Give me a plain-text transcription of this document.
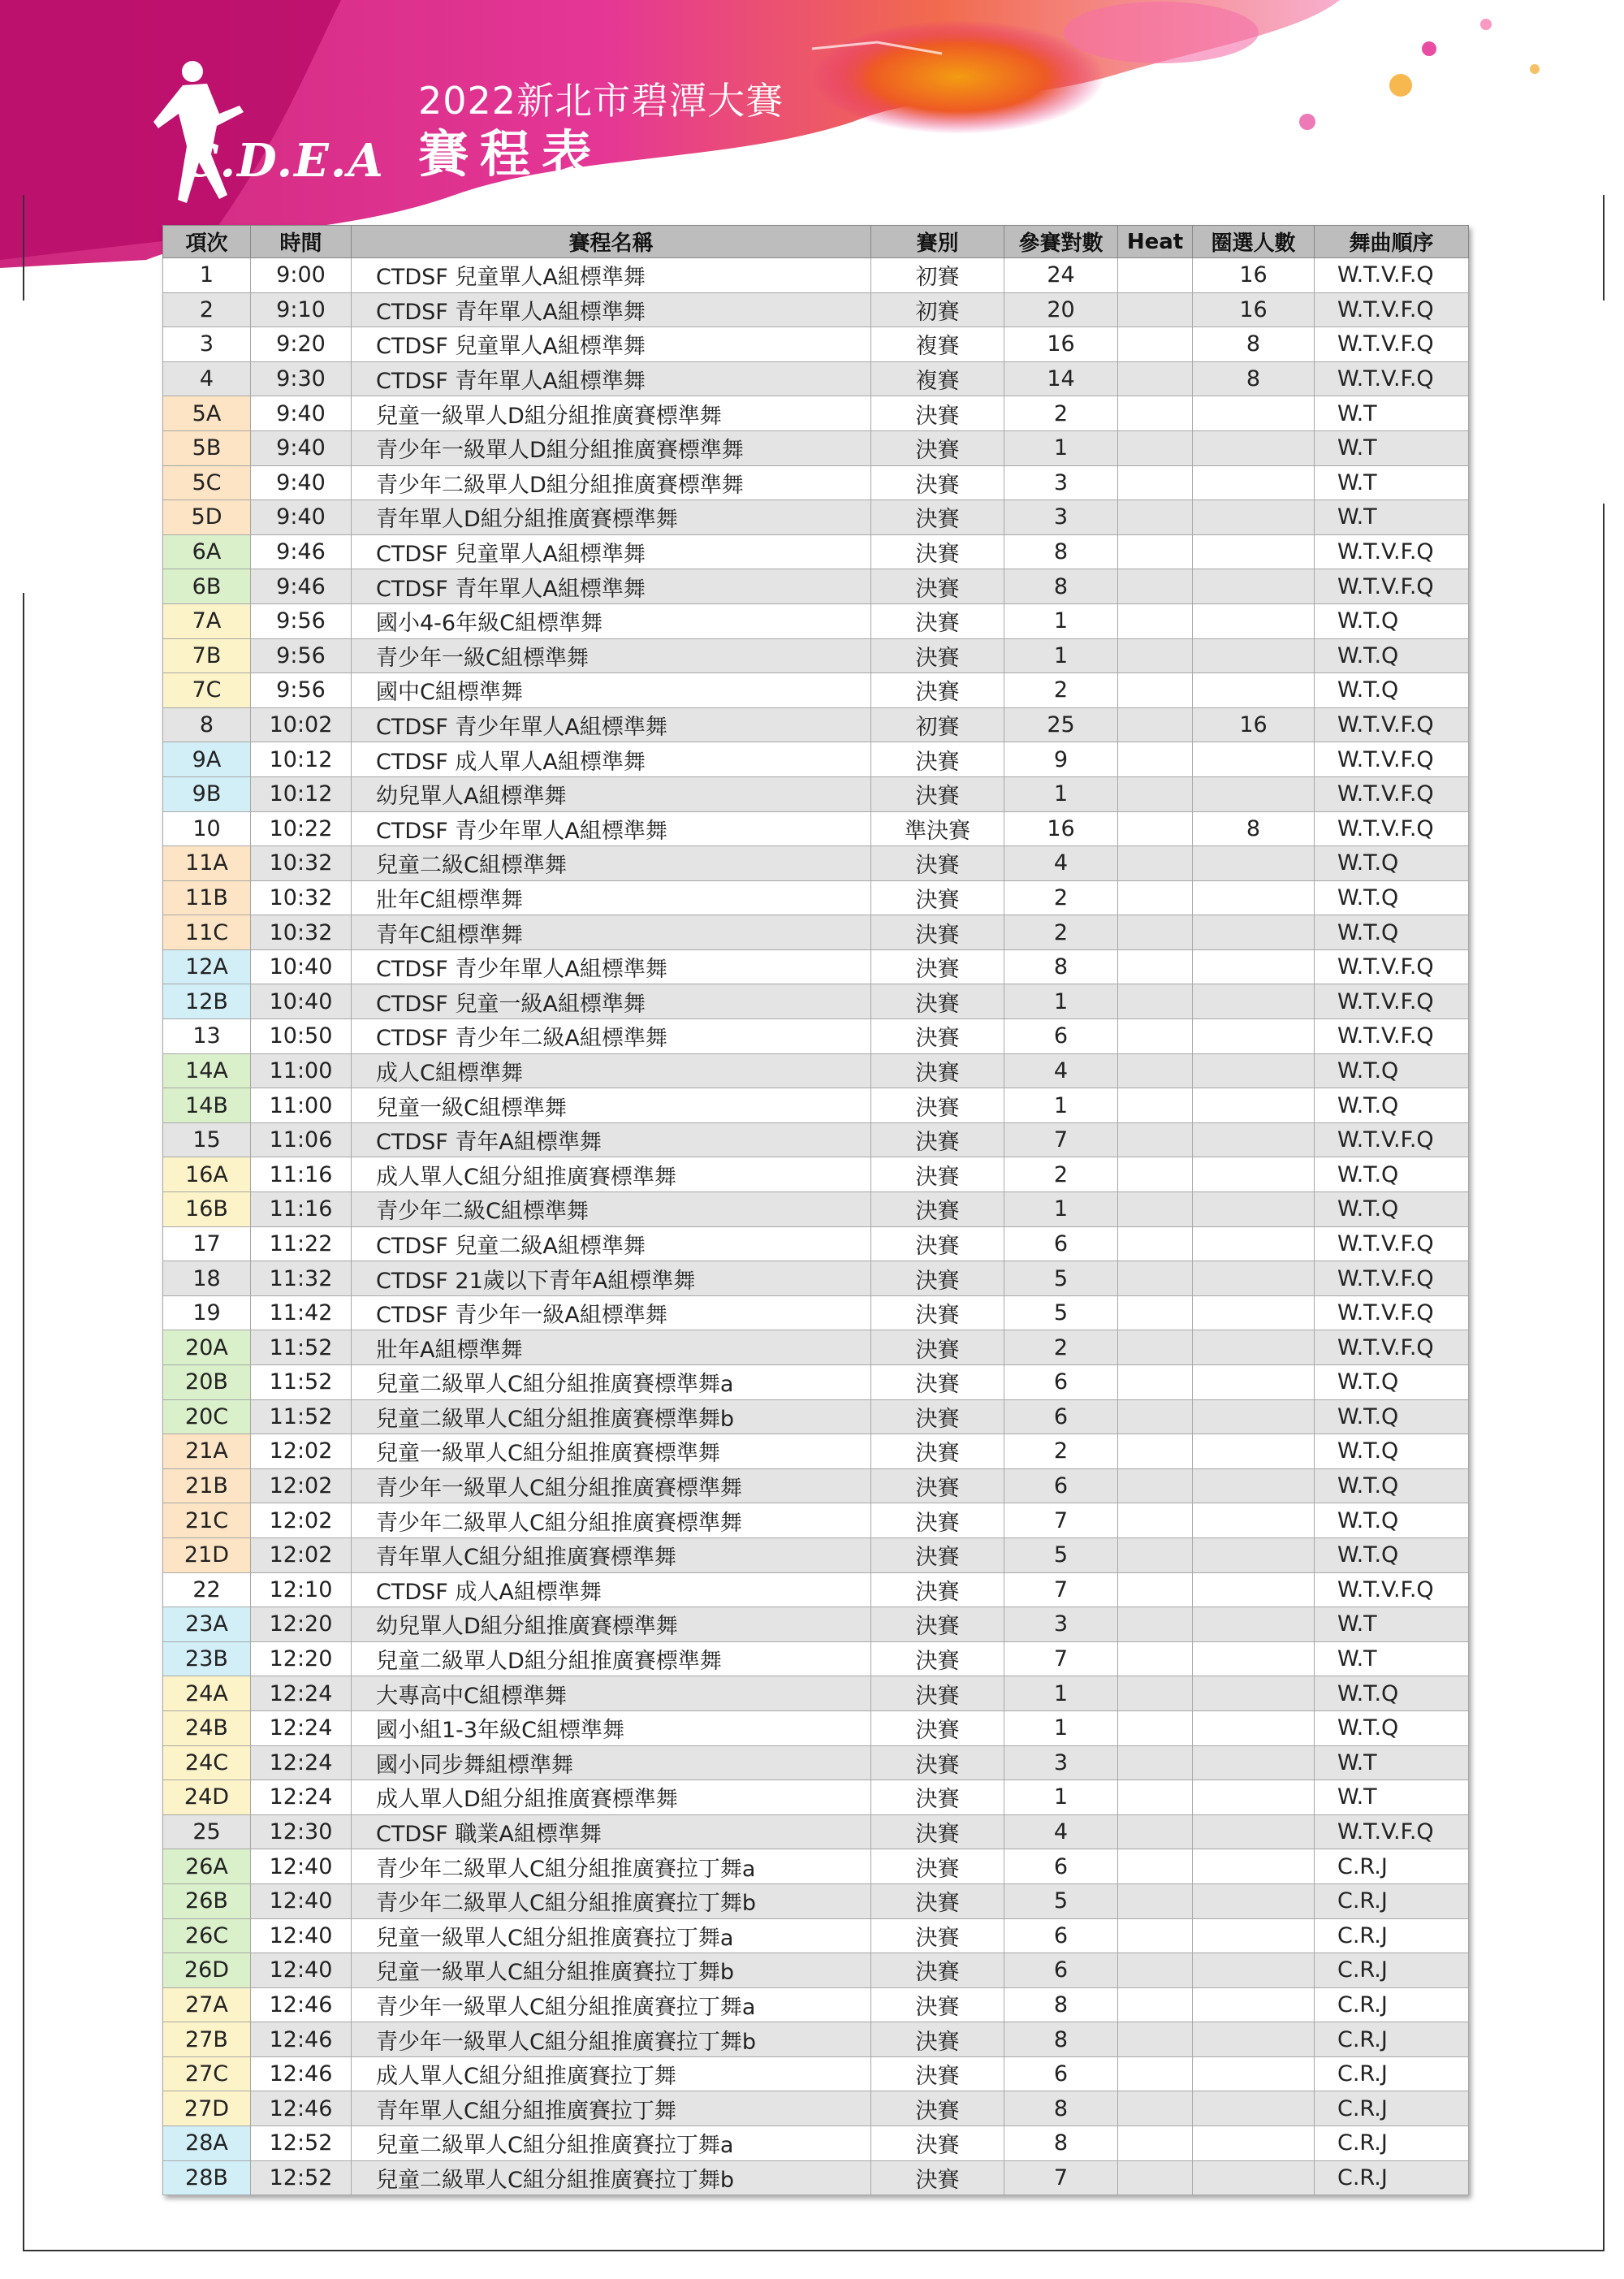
C.D.E.A
2022新北市碧潭大賽
賽程表
項次	時間	賽程名稱	賽別	參賽對數	Heat	圈選人數	舞曲順序
1	9:00	CTDSF 兒童單人A組標準舞	初賽	24		16	W.T.V.F.Q
2	9:10	CTDSF 青年單人A組標準舞	初賽	20		16	W.T.V.F.Q
3	9:20	CTDSF 兒童單人A組標準舞	複賽	16		8	W.T.V.F.Q
4	9:30	CTDSF 青年單人A組標準舞	複賽	14		8	W.T.V.F.Q
5A	9:40	兒童一級單人D組分組推廣賽標準舞	決賽	2			W.T
5B	9:40	青少年一級單人D組分組推廣賽標準舞	決賽	1			W.T
5C	9:40	青少年二級單人D組分組推廣賽標準舞	決賽	3			W.T
5D	9:40	青年單人D組分組推廣賽標準舞	決賽	3			W.T
6A	9:46	CTDSF 兒童單人A組標準舞	決賽	8			W.T.V.F.Q
6B	9:46	CTDSF 青年單人A組標準舞	決賽	8			W.T.V.F.Q
7A	9:56	國小4-6年級C組標準舞	決賽	1			W.T.Q
7B	9:56	青少年一級C組標準舞	決賽	1			W.T.Q
7C	9:56	國中C組標準舞	決賽	2			W.T.Q
8	10:02	CTDSF 青少年單人A組標準舞	初賽	25		16	W.T.V.F.Q
9A	10:12	CTDSF 成人單人A組標準舞	決賽	9			W.T.V.F.Q
9B	10:12	幼兒單人A組標準舞	決賽	1			W.T.V.F.Q
10	10:22	CTDSF 青少年單人A組標準舞	準決賽	16		8	W.T.V.F.Q
11A	10:32	兒童二級C組標準舞	決賽	4			W.T.Q
11B	10:32	壯年C組標準舞	決賽	2			W.T.Q
11C	10:32	青年C組標準舞	決賽	2			W.T.Q
12A	10:40	CTDSF 青少年單人A組標準舞	決賽	8			W.T.V.F.Q
12B	10:40	CTDSF 兒童一級A組標準舞	決賽	1			W.T.V.F.Q
13	10:50	CTDSF 青少年二級A組標準舞	決賽	6			W.T.V.F.Q
14A	11:00	成人C組標準舞	決賽	4			W.T.Q
14B	11:00	兒童一級C組標準舞	決賽	1			W.T.Q
15	11:06	CTDSF 青年A組標準舞	決賽	7			W.T.V.F.Q
16A	11:16	成人單人C組分組推廣賽標準舞	決賽	2			W.T.Q
16B	11:16	青少年二級C組標準舞	決賽	1			W.T.Q
17	11:22	CTDSF 兒童二級A組標準舞	決賽	6			W.T.V.F.Q
18	11:32	CTDSF 21歲以下青年A組標準舞	決賽	5			W.T.V.F.Q
19	11:42	CTDSF 青少年一級A組標準舞	決賽	5			W.T.V.F.Q
20A	11:52	壯年A組標準舞	決賽	2			W.T.V.F.Q
20B	11:52	兒童二級單人C組分組推廣賽標準舞a	決賽	6			W.T.Q
20C	11:52	兒童二級單人C組分組推廣賽標準舞b	決賽	6			W.T.Q
21A	12:02	兒童一級單人C組分組推廣賽標準舞	決賽	2			W.T.Q
21B	12:02	青少年一級單人C組分組推廣賽標準舞	決賽	6			W.T.Q
21C	12:02	青少年二級單人C組分組推廣賽標準舞	決賽	7			W.T.Q
21D	12:02	青年單人C組分組推廣賽標準舞	決賽	5			W.T.Q
22	12:10	CTDSF 成人A組標準舞	決賽	7			W.T.V.F.Q
23A	12:20	幼兒單人D組分組推廣賽標準舞	決賽	3			W.T
23B	12:20	兒童二級單人D組分組推廣賽標準舞	決賽	7			W.T
24A	12:24	大專高中C組標準舞	決賽	1			W.T.Q
24B	12:24	國小組1-3年級C組標準舞	決賽	1			W.T.Q
24C	12:24	國小同步舞組標準舞	決賽	3			W.T
24D	12:24	成人單人D組分組推廣賽標準舞	決賽	1			W.T
25	12:30	CTDSF 職業A組標準舞	決賽	4			W.T.V.F.Q
26A	12:40	青少年二級單人C組分組推廣賽拉丁舞a	決賽	6			C.R.J
26B	12:40	青少年二級單人C組分組推廣賽拉丁舞b	決賽	5			C.R.J
26C	12:40	兒童一級單人C組分組推廣賽拉丁舞a	決賽	6			C.R.J
26D	12:40	兒童一級單人C組分組推廣賽拉丁舞b	決賽	6			C.R.J
27A	12:46	青少年一級單人C組分組推廣賽拉丁舞a	決賽	8			C.R.J
27B	12:46	青少年一級單人C組分組推廣賽拉丁舞b	決賽	8			C.R.J
27C	12:46	成人單人C組分組推廣賽拉丁舞	決賽	6			C.R.J
27D	12:46	青年單人C組分組推廣賽拉丁舞	決賽	8			C.R.J
28A	12:52	兒童二級單人C組分組推廣賽拉丁舞a	決賽	8			C.R.J
28B	12:52	兒童二級單人C組分組推廣賽拉丁舞b	決賽	7			C.R.J
